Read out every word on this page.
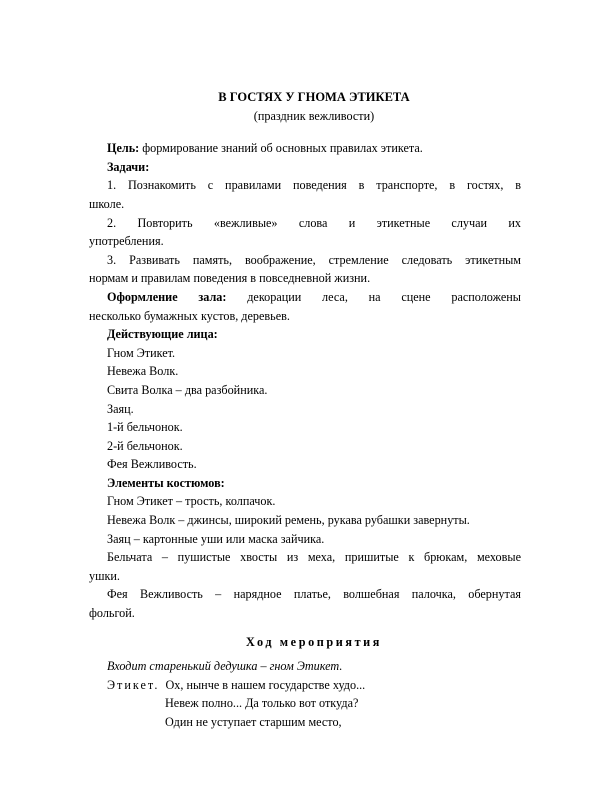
В ГОСТЯХ У ГНОМА ЭТИКЕТА

(праздник вежливости)

Цель: формирование знаний об основных правилах этикета.

Задачи:

1. Познакомить с правилами поведения в транспорте, в гостях, в

школе.

2. Повторить «вежливые» слова и этикетные случаи их

употребления.

3. Развивать память, воображение, стремление следовать этикетным

нормам и правилам поведения в повседневной жизни.

Оформление зала: декорации леса, на сцене расположены

несколько бумажных кустов, деревьев.

Действующие лица:

Гном Этикет.

Невежа Волк.

Свита Волка – два разбойника.

Заяц.

1-й бельчонок.

2-й бельчонок.

Фея Вежливость.

Элементы костюмов:

Гном Этикет – трость, колпачок.

Невежа Волк – джинсы, широкий ремень, рукава рубашки завернуты.

Заяц – картонные уши или маска зайчика.

Бельчата – пушистые хвосты из меха, пришитые к брюкам, меховые

ушки.

Фея Вежливость – нарядное платье, волшебная палочка, обернутая

фольгой.

Ход мероприятия

Входит старенький дедушка – гном Этикет.

Этикет. Ох, нынче в нашем государстве худо...

Невеж полно... Да только вот откуда?

Один не уступает старшим место,
